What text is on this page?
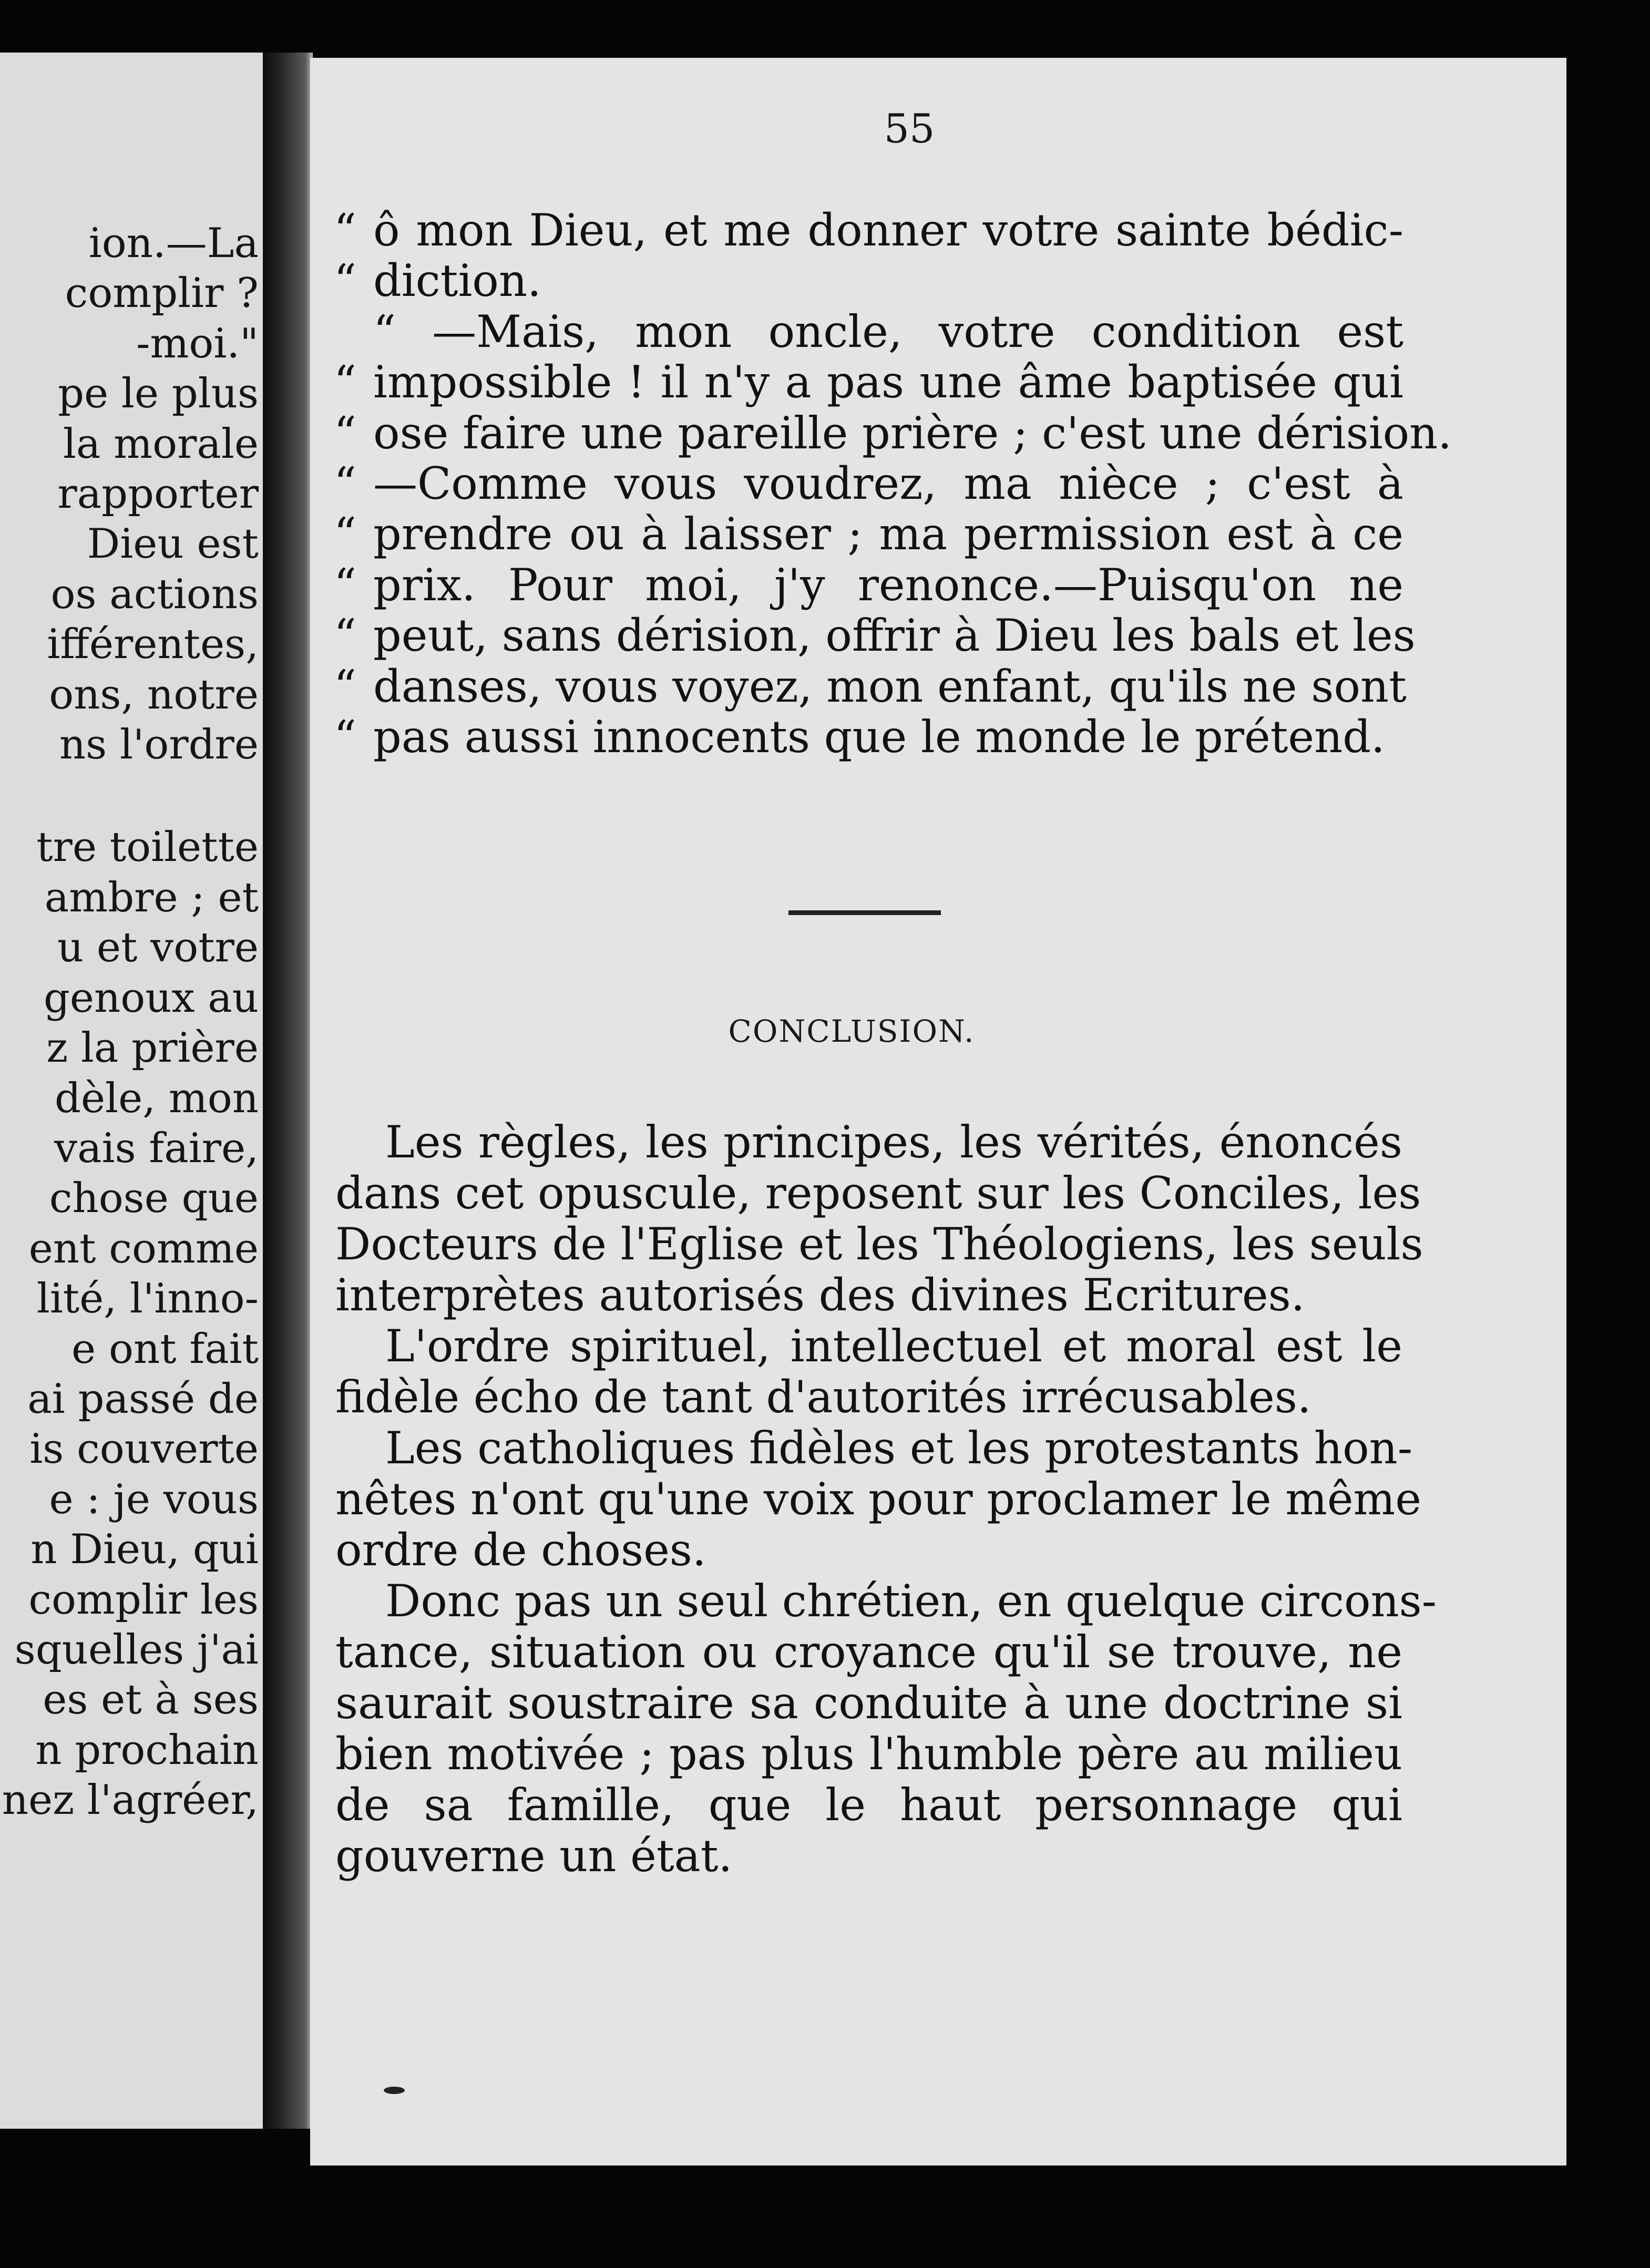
ion.—La
complir ?
-moi."
pe le plus
la morale
rapporter
Dieu est
os actions
ifférentes,
ons, notre
ns l'ordre
tre toilette
ambre ; et
u et votre
genoux au
z la prière
dèle, mon
vais faire,
chose que
ent comme
lité, l'inno-
e ont fait
ai passé de
is couverte
e : je vous
n Dieu, qui
complir les
squelles j'ai
es et à ses
n prochain
nez l'agréer,
55
“ ô mon Dieu, et me donner votre sainte bédic-
“ diction.
“ —Mais, mon oncle, votre condition est
“ impossible ! il n'y a pas une âme baptisée qui
“ ose faire une pareille prière ; c'est une dérision.
“ —Comme vous voudrez, ma nièce ; c'est à
“ prendre ou à laisser ; ma permission est à ce
“ prix. Pour moi, j'y renonce.—Puisqu'on ne
“ peut, sans dérision, offrir à Dieu les bals et les
“ danses, vous voyez, mon enfant, qu'ils ne sont
“ pas aussi innocents que le monde le prétend.
CONCLUSION.
Les règles, les principes, les vérités, énoncés
dans cet opuscule, reposent sur les Conciles, les
Docteurs de l'Eglise et les Théologiens, les seuls
interprètes autorisés des divines Ecritures.
L'ordre spirituel, intellectuel et moral est le
fidèle écho de tant d'autorités irrécusables.
Les catholiques fidèles et les protestants hon-
nêtes n'ont qu'une voix pour proclamer le même
ordre de choses.
Donc pas un seul chrétien, en quelque circons-
tance, situation ou croyance qu'il se trouve, ne
saurait soustraire sa conduite à une doctrine si
bien motivée ; pas plus l'humble père au milieu
de sa famille, que le haut personnage qui
gouverne un état.
